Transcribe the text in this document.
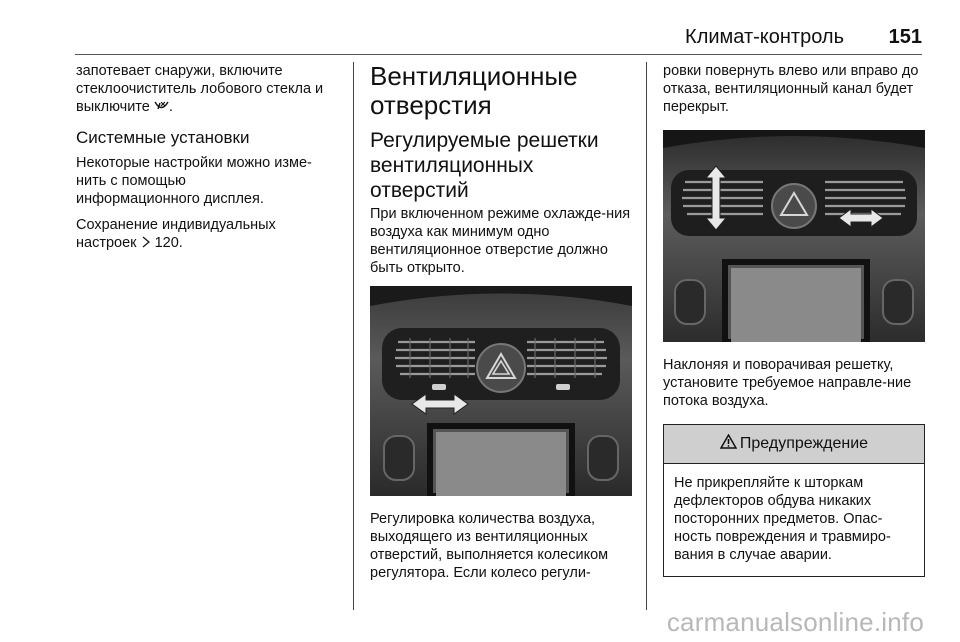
Климат-контроль 151

запотевает снаружи, включите стеклоочиститель лобового стекла и выключите .

Системные установки

Некоторые настройки можно изме-
нить с помощью
информационного дисплея.

Сохранение индивидуальных настроек 120.

Вентиляционные
отверстия
Регулируемые решетки
вентиляционных
отверстий

При включенном режиме охлажде-ния воздуха как минимум одно вентиляционное отверстие должно быть открыто.

Регулировка количества воздуха, выходящего из вентиляционных отверстий, выполняется колесиком регулятора. Если колесо регули-

ровки повернуть влево или вправо до отказа, вентиляционный канал будет перекрыт.

Наклоняя и поворачивая решетку, установите требуемое направле-ние потока воздуха.

Предупреждение

Не прикрепляйте к шторкам дефлекторов обдува никаких посторонних предметов. Опас-ность повреждения и травмиро-вания в случае аварии.

carmanualsonline.info
